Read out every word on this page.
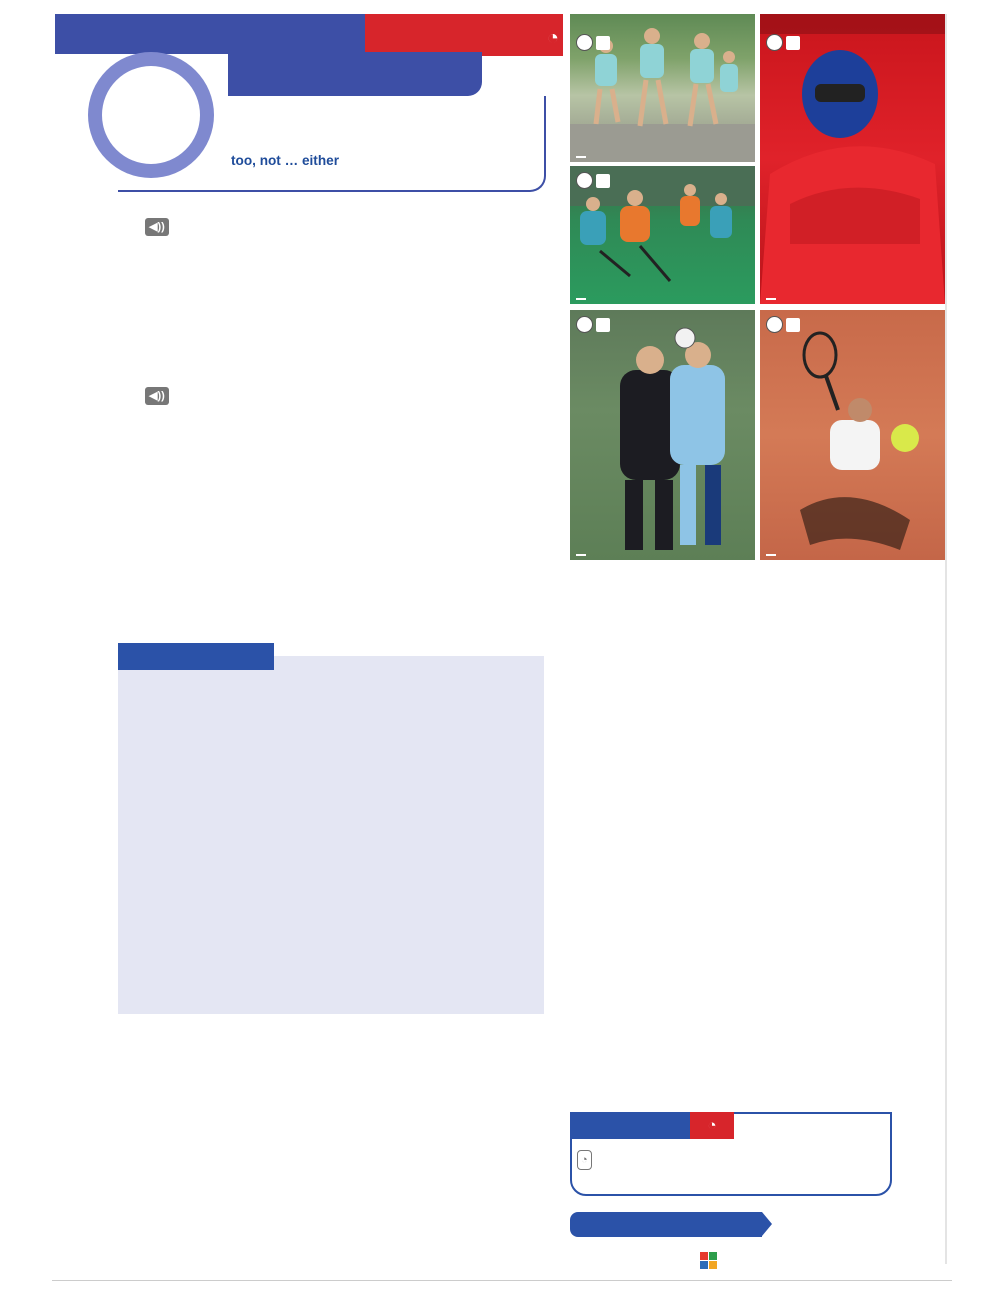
◔

too, not … either
◀))
◀))

◔
◔
